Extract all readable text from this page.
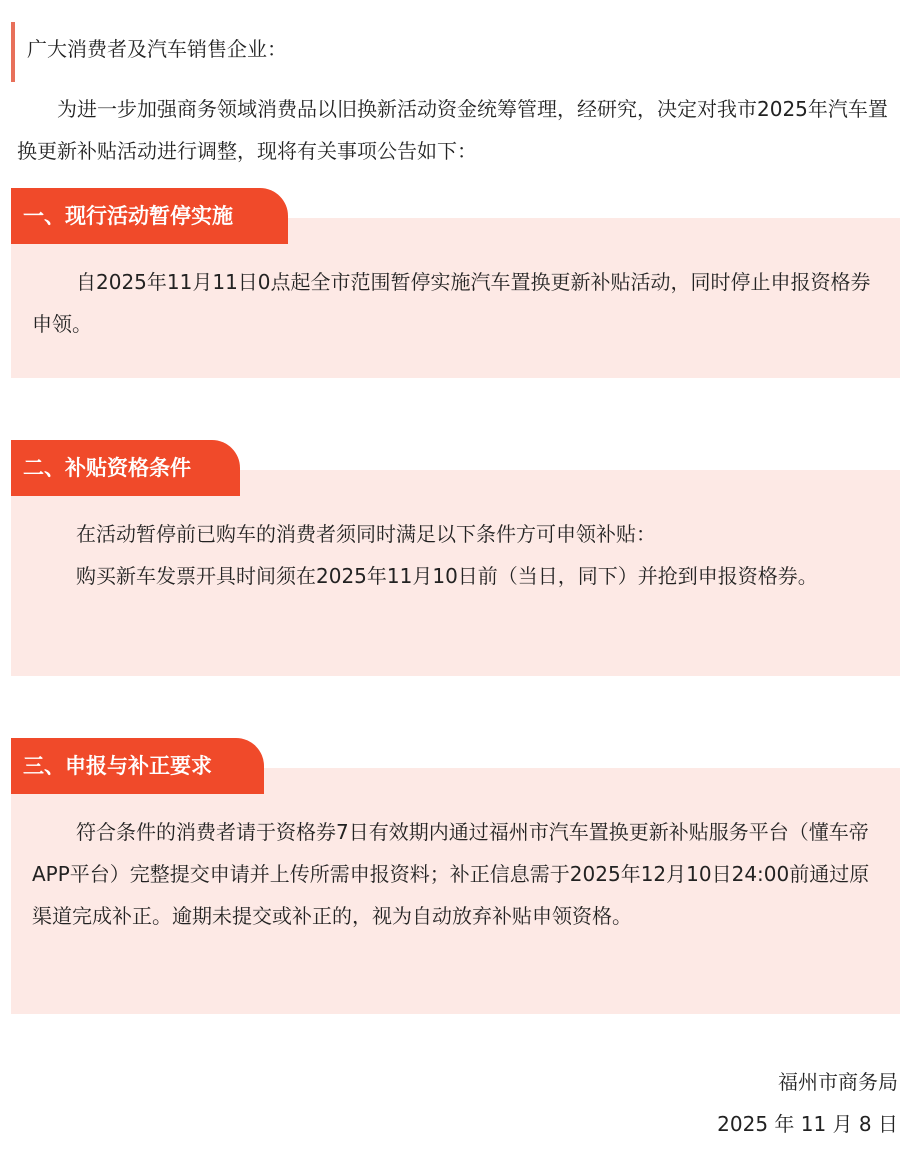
广大消费者及汽车销售企业：

为进一步加强商务领域消费品以旧换新活动资金统筹管理，经研究，决定对我市2025年汽车置换更新补贴活动进行调整，现将有关事项公告如下：

一、现行活动暂停实施

自2025年11月11日0点起全市范围暂停实施汽车置换更新补贴活动，同时停止申报资格券申领。

二、补贴资格条件

在活动暂停前已购车的消费者须同时满足以下条件方可申领补贴：

购买新车发票开具时间须在2025年11月10日前（当日，同下）并抢到申报资格券。

三、申报与补正要求

符合条件的消费者请于资格券7日有效期内通过福州市汽车置换更新补贴服务平台（懂车帝APP平台）完整提交申请并上传所需申报资料；补正信息需于2025年12月10日24:00前通过原渠道完成补正。逾期未提交或补正的，视为自动放弃补贴申领资格。

福州市商务局
2025 年 11 月 8 日
